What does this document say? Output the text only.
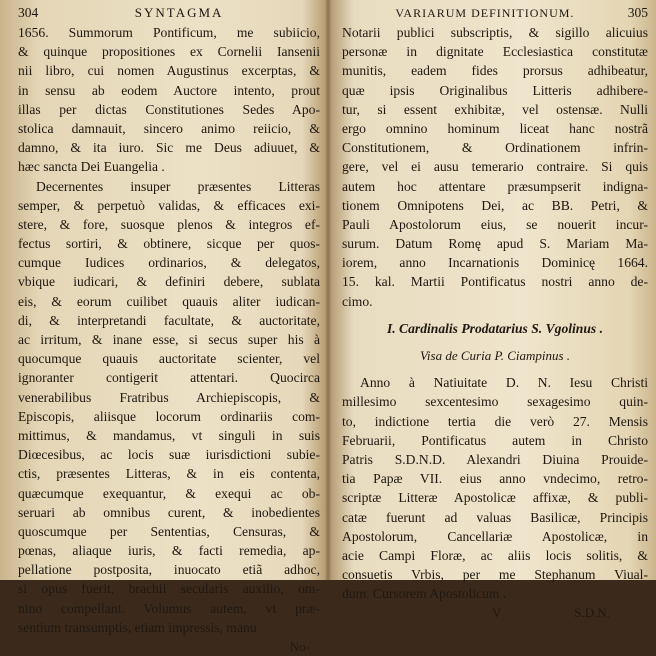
304	SYNTAGMA
1656. Summorum Pontificum, me subiicio,
& quinque propositiones ex Cornelii Iansenii
nii libro, cui nomen Augustinus excerptas, &
in sensu ab eodem Auctore intento, prout
illas per dictas Constitutiones Sedes Apo-
stolica damnauit, sincero animo reiicio, &
damno, & ita iuro. Sic me Deus adiuuet, &
hæc sancta Dei Euangelia .
Decernentes insuper præsentes Litteras
semper, & perpetuò validas, & efficaces exi-
stere, & fore, suosque plenos & integros ef-
fectus sortiri, & obtinere, sicque per quos-
cumque Iudices ordinarios, & delegatos,
vbique iudicari, & definiri debere, sublata
eis, & eorum cuilibet quauis aliter iudican-
di, & interpretandi facultate, & auctoritate,
ac irritum, & inane esse, si secus super his à
quocumque quauis auctoritate scienter, vel
ignoranter contigerit attentari. Quocirca
venerabilibus Fratribus Archiepiscopis, &
Episcopis, aliisque locorum ordinariis com-
mittimus, & mandamus, vt singuli in suis
Diœcesibus, ac locis suæ iurisdictioni subie-
ctis, præsentes Litteras, & in eis contenta,
quæcumque exequantur, & exequi ac ob-
seruari ab omnibus curent, & inobedientes
quoscumque per Sententias, Censuras, &
pœnas, aliaque iuris, & facti remedia, ap-
pellatione postposita, inuocato etiã adhoc,
si opus fuerit, brachii secularis auxilio, om-
nino compellant. Volumus autem, vt præ-
sentium transumptis, etiam impressis, manu
No-
VARIARUM DEFINITIONUM.	305
Notarii publici subscriptis, & sigillo alicuius
personæ in dignitate Ecclesiastica constitutæ
munitis, eadem fides prorsus adhibeatur,
quæ ipsis Originalibus Litteris adhibere-
tur, si essent exhibitæ, vel ostensæ. Nulli
ergo omnino hominum liceat hanc nostrã
Constitutionem, & Ordinationem infrin-
gere, vel ei ausu temerario contraire. Si quis
autem hoc attentare præsumpserit indigna-
tionem Omnipotens Dei, ac BB. Petri, &
Pauli Apostolorum eius, se nouerit incur-
surum. Datum Romę apud S. Mariam Ma-
iorem, anno Incarnationis Dominicę 1664.
15. kal. Martii Pontificatus nostri anno de-
cimo.
I. Cardinalis Prodatarius S. Vgolinus .
Visa de Curia P. Ciampinus .
Anno à Natiuitate D. N. Iesu Christi
millesimo sexcentesimo sexagesimo quin-
to, indictione tertia die verò 27. Mensis
Februarii, Pontificatus autem in Christo
Patris S.D.N.D. Alexandri Diuina Prouide-
tia Papæ VII. eius anno vndecimo, retro-
scriptæ Litteræ Apostolicæ affixæ, & publi-
catæ fuerunt ad valuas Basilicæ, Principis
Apostolorum, Cancellariæ Apostolicæ, in
acie Campi Floræ, ac aliis locis solitis, &
consuetis Vrbis, per me Stephanum Viual-
dum. Cursorem Apostolicum .
V	S.D.N.
